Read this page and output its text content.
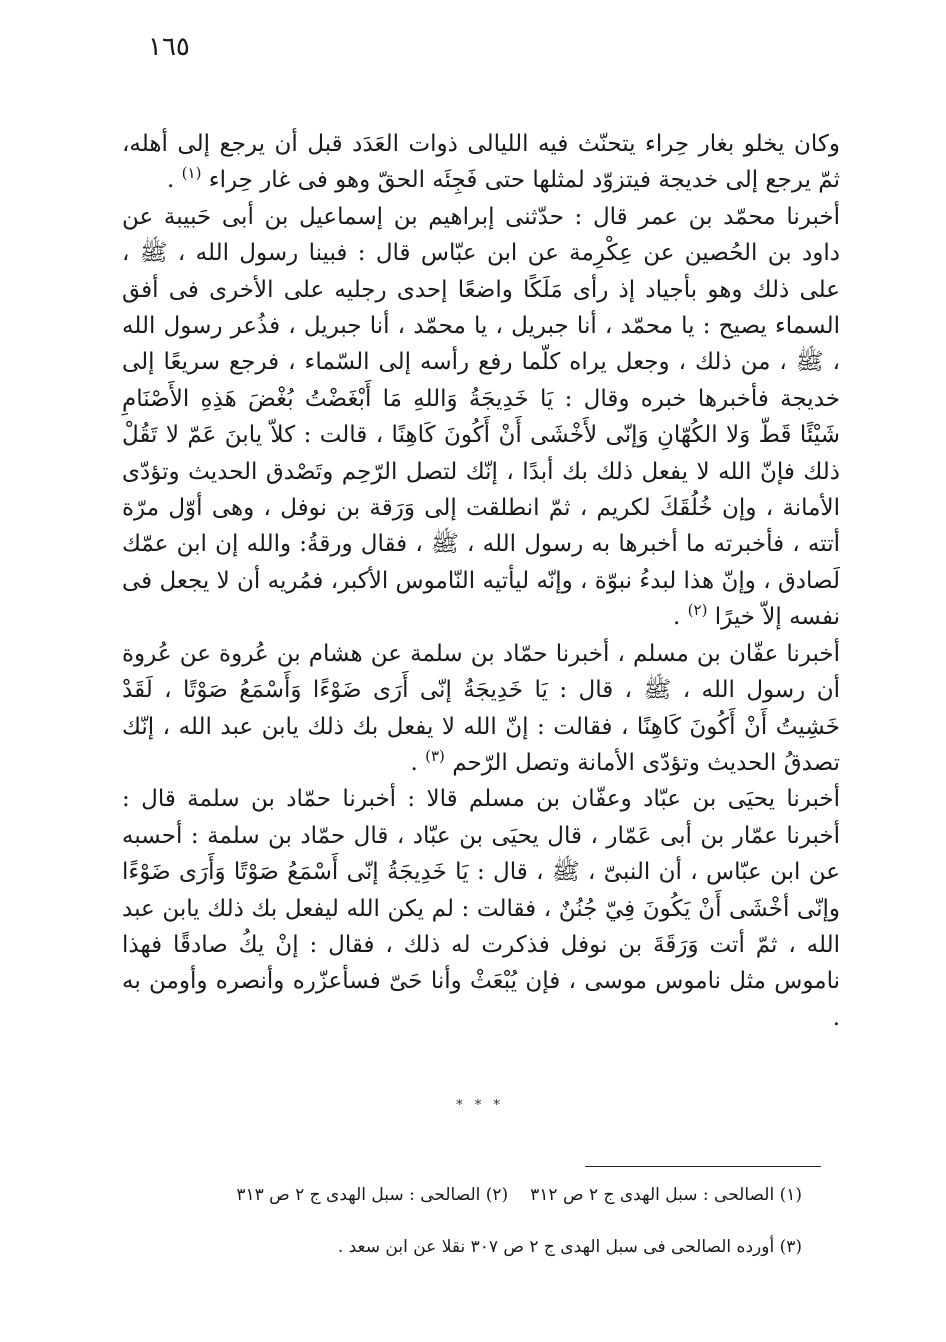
١٦٥

وكان يخلو بغار حِراء يتحنّث فيه الليالى ذوات العَدَد قبل أن يرجع إلى أهله، ثمّ يرجع إلى خديجة فيتزوّد لمثلها حتى فَجِئَه الحقّ وهو فى غار حِراء $^{(١)}$ .

أخبرنا محمّد بن عمر قال : حدّثنى إبراهيم بن إسماعيل بن أبى حَبيبة عن داود بن الحُصين عن عِكْرِمة عن ابن عبّاس قال : فبينا رسول الله ، ﷺ ، على ذلك وهو بأجياد إذ رأى مَلَكًا واضعًا إحدى رجليه على الأخرى فى أفق السماء يصيح : يا محمّد ، أنا جبريل ، يا محمّد ، أنا جبريل ، فذُعر رسول الله ، ﷺ ، من ذلك ، وجعل يراه كلّما رفع رأسه إلى السّماء ، فرجع سريعًا إلى خديجة فأخبرها خبره وقال : يَا خَدِيجَةُ وَاللهِ مَا أَبْغَضْتُ بُغْضَ هَذِهِ الأَصْنَامِ شَيْئًا قَطّ وَلا الكُهّانِ وَإنّى لأَخْشَى أَنْ أَكُونَ كَاهِنًا ، قالت : كلاّ يابنَ عَمّ لا تَقُلْ ذلك فإنّ الله لا يفعل ذلك بك أبدًا ، إنّك لتصل الرّحِم وتَصْدق الحديث وتؤدّى الأمانة ، وإن خُلُقَكَ لكريم ، ثمّ انطلقت إلى وَرَقة بن نوفل ، وهى أوّل مرّة أتته ، فأخبرته ما أخبرها به رسول الله ، ﷺ ، فقال ورقةُ: والله إن ابن عمّك لَصادق ، وإنّ هذا لبدءُ نبوّة ، وإنّه ليأتيه النّاموس الأكبر، فمُريه أن لا يجعل فى نفسه إلاّ خيرًا $^{(٢)}$ .

أخبرنا عفّان بن مسلم ، أخبرنا حمّاد بن سلمة عن هشام بن عُروة عن عُروة أن رسول الله ، ﷺ ، قال : يَا خَدِيجَةُ إنّى أَرَى ضَوْءًا وَأَسْمَعُ صَوْتًا ، لَقَدْ خَشِيتُ أَنْ أَكُونَ كَاهِنًا ، فقالت : إنّ الله لا يفعل بك ذلك يابن عبد الله ، إنّك تصدقُ الحديث وتؤدّى الأمانة وتصل الرّحم $^{(٣)}$ .

أخبرنا يحيَى بن عبّاد وعفّان بن مسلم قالا : أخبرنا حمّاد بن سلمة قال : أخبرنا عمّار بن أبى عَمّار ، قال يحيَى بن عبّاد ، قال حمّاد بن سلمة : أحسبه عن ابن عبّاس ، أن النبىّ ، ﷺ ، قال : يَا خَدِيجَةُ إنّى أَسْمَعُ صَوْتًا وَأَرَى ضَوْءًا وإنّى أخْشَى أَنْ يَكُونَ فِيّ جُنُنٌ ، فقالت : لم يكن الله ليفعل بك ذلك يابن عبد الله ، ثمّ أتت وَرَقَةَ بن نوفل فذكرت له ذلك ، فقال : إنْ يكُ صادقًا فهذا ناموس مثل ناموس موسى ، فإن يُبْعَثْ وأنا حَىّ فسأعزّره وأنصره وأومن به .

* * *

(١) الصالحى : سبل الهدى ج ٢ ص ٣١٢(٢) الصالحى : سبل الهدى ج ٢ ص ٣١٣

(٣) أورده الصالحى فى سبل الهدى ج ٢ ص ٣٠٧ نقلا عن ابن سعد .
